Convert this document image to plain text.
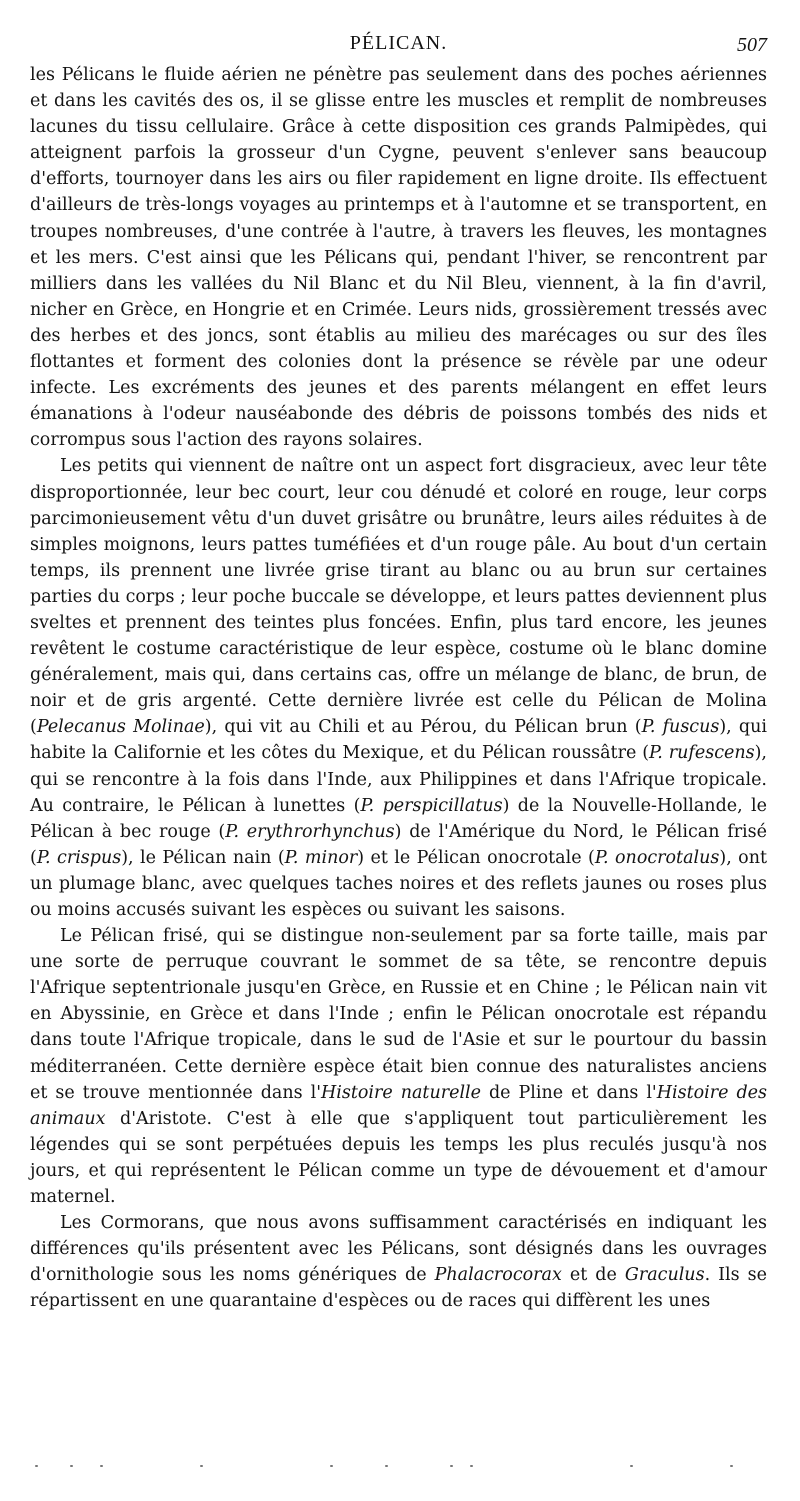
PÉLICAN.	507

les Pélicans le fluide aérien ne pénètre pas seulement dans des poches aériennes et dans les cavités des os, il se glisse entre les muscles et remplit de nombreuses lacunes du tissu cellulaire. Grâce à cette disposition ces grands Palmipèdes, qui atteignent parfois la grosseur d'un Cygne, peuvent s'enlever sans beaucoup d'efforts, tournoyer dans les airs ou filer rapidement en ligne droite. Ils effectuent d'ailleurs de très-longs voyages au printemps et à l'automne et se transportent, en troupes nombreuses, d'une contrée à l'autre, à travers les fleuves, les montagnes et les mers. C'est ainsi que les Pélicans qui, pendant l'hiver, se rencontrent par milliers dans les vallées du Nil Blanc et du Nil Bleu, viennent, à la fin d'avril, nicher en Grèce, en Hongrie et en Crimée. Leurs nids, grossièrement tressés avec des herbes et des joncs, sont établis au milieu des marécages ou sur des îles flottantes et forment des colonies dont la présence se révèle par une odeur infecte. Les excréments des jeunes et des parents mélangent en effet leurs émanations à l'odeur nauséabonde des débris de poissons tombés des nids et corrompus sous l'action des rayons solaires.

Les petits qui viennent de naître ont un aspect fort disgracieux, avec leur tête disproportionnée, leur bec court, leur cou dénudé et coloré en rouge, leur corps parcimonieusement vêtu d'un duvet grisâtre ou brunâtre, leurs ailes réduites à de simples moignons, leurs pattes tuméfiées et d'un rouge pâle. Au bout d'un certain temps, ils prennent une livrée grise tirant au blanc ou au brun sur certaines parties du corps ; leur poche buccale se développe, et leurs pattes deviennent plus sveltes et prennent des teintes plus foncées. Enfin, plus tard encore, les jeunes revêtent le costume caractéristique de leur espèce, costume où le blanc domine généralement, mais qui, dans certains cas, offre un mélange de blanc, de brun, de noir et de gris argenté. Cette dernière livrée est celle du Pélican de Molina (Pelecanus Molinae), qui vit au Chili et au Pérou, du Pélican brun (P. fuscus), qui habite la Californie et les côtes du Mexique, et du Pélican roussâtre (P. rufescens), qui se rencontre à la fois dans l'Inde, aux Philippines et dans l'Afrique tropicale. Au contraire, le Pélican à lunettes (P. perspicillatus) de la Nouvelle-Hollande, le Pélican à bec rouge (P. erythrorhynchus) de l'Amérique du Nord, le Pélican frisé (P. crispus), le Pélican nain (P. minor) et le Pélican onocrotale (P. onocrotalus), ont un plumage blanc, avec quelques taches noires et des reflets jaunes ou roses plus ou moins accusés suivant les espèces ou suivant les saisons.

Le Pélican frisé, qui se distingue non-seulement par sa forte taille, mais par une sorte de perruque couvrant le sommet de sa tête, se rencontre depuis l'Afrique septentrionale jusqu'en Grèce, en Russie et en Chine ; le Pélican nain vit en Abyssinie, en Grèce et dans l'Inde ; enfin le Pélican onocrotale est répandu dans toute l'Afrique tropicale, dans le sud de l'Asie et sur le pourtour du bassin méditerranéen. Cette dernière espèce était bien connue des naturalistes anciens et se trouve mentionnée dans l'Histoire naturelle de Pline et dans l'Histoire des animaux d'Aristote. C'est à elle que s'appliquent tout particulièrement les légendes qui se sont perpétuées depuis les temps les plus reculés jusqu'à nos jours, et qui représentent le Pélican comme un type de dévouement et d'amour maternel.

Les Cormorans, que nous avons suffisamment caractérisés en indiquant les différences qu'ils présentent avec les Pélicans, sont désignés dans les ouvrages d'ornithologie sous les noms génériques de Phalacrocorax et de Graculus. Ils se répartissent en une quarantaine d'espèces ou de races qui diffèrent les unes
